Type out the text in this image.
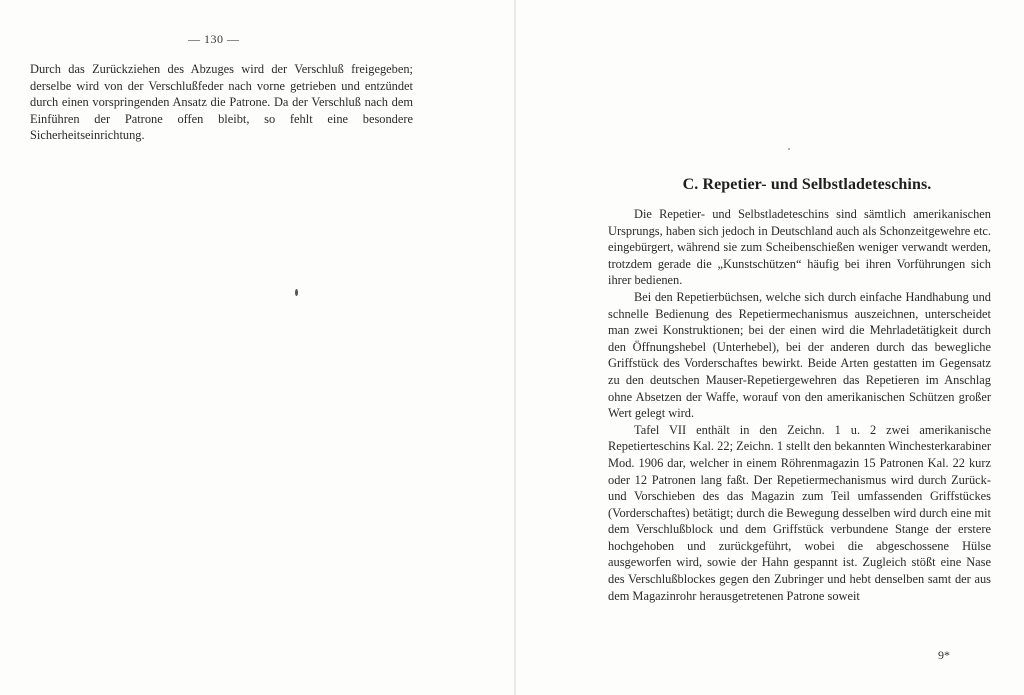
— 130 —

Durch das Zurückziehen des Abzuges wird der Verschluß freigegeben; derselbe wird von der Verschlußfeder nach vorne getrieben und entzündet durch einen vorspringenden Ansatz die Patrone. Da der Verschluß nach dem Einführen der Patrone offen bleibt, so fehlt eine besondere Sicherheitseinrichtung.

C. Repetier- und Selbstladeteschins.

Die Repetier- und Selbstladeteschins sind sämtlich amerikanischen Ursprungs, haben sich jedoch in Deutschland auch als Schonzeitgewehre etc. eingebürgert, während sie zum Scheibenschießen weniger verwandt werden, trotzdem gerade die „Kunstschützen“ häufig bei ihren Vorführungen sich ihrer bedienen.

Bei den Repetierbüchsen, welche sich durch einfache Handhabung und schnelle Bedienung des Repetiermechanismus auszeichnen, unterscheidet man zwei Konstruktionen; bei der einen wird die Mehrladetätigkeit durch den Öffnungshebel (Unterhebel), bei der anderen durch das bewegliche Griffstück des Vorderschaftes bewirkt. Beide Arten gestatten im Gegensatz zu den deutschen Mauser-Repetiergewehren das Repetieren im Anschlag ohne Absetzen der Waffe, worauf von den amerikanischen Schützen großer Wert gelegt wird.

Tafel VII enthält in den Zeichn. 1 u. 2 zwei amerikanische Repetierteschins Kal. 22; Zeichn. 1 stellt den bekannten Winchesterkarabiner Mod. 1906 dar, welcher in einem Röhrenmagazin 15 Patronen Kal. 22 kurz oder 12 Patronen lang faßt. Der Repetiermechanismus wird durch Zurück- und Vorschieben des das Magazin zum Teil umfassenden Griffstückes (Vorderschaftes) betätigt; durch die Bewegung desselben wird durch eine mit dem Verschlußblock und dem Griffstück verbundene Stange der erstere hochgehoben und zurückgeführt, wobei die abgeschossene Hülse ausgeworfen wird, sowie der Hahn gespannt ist. Zugleich stößt eine Nase des Verschlußblockes gegen den Zubringer und hebt denselben samt der aus dem Magazinrohr herausgetretenen Patrone soweit

9*
